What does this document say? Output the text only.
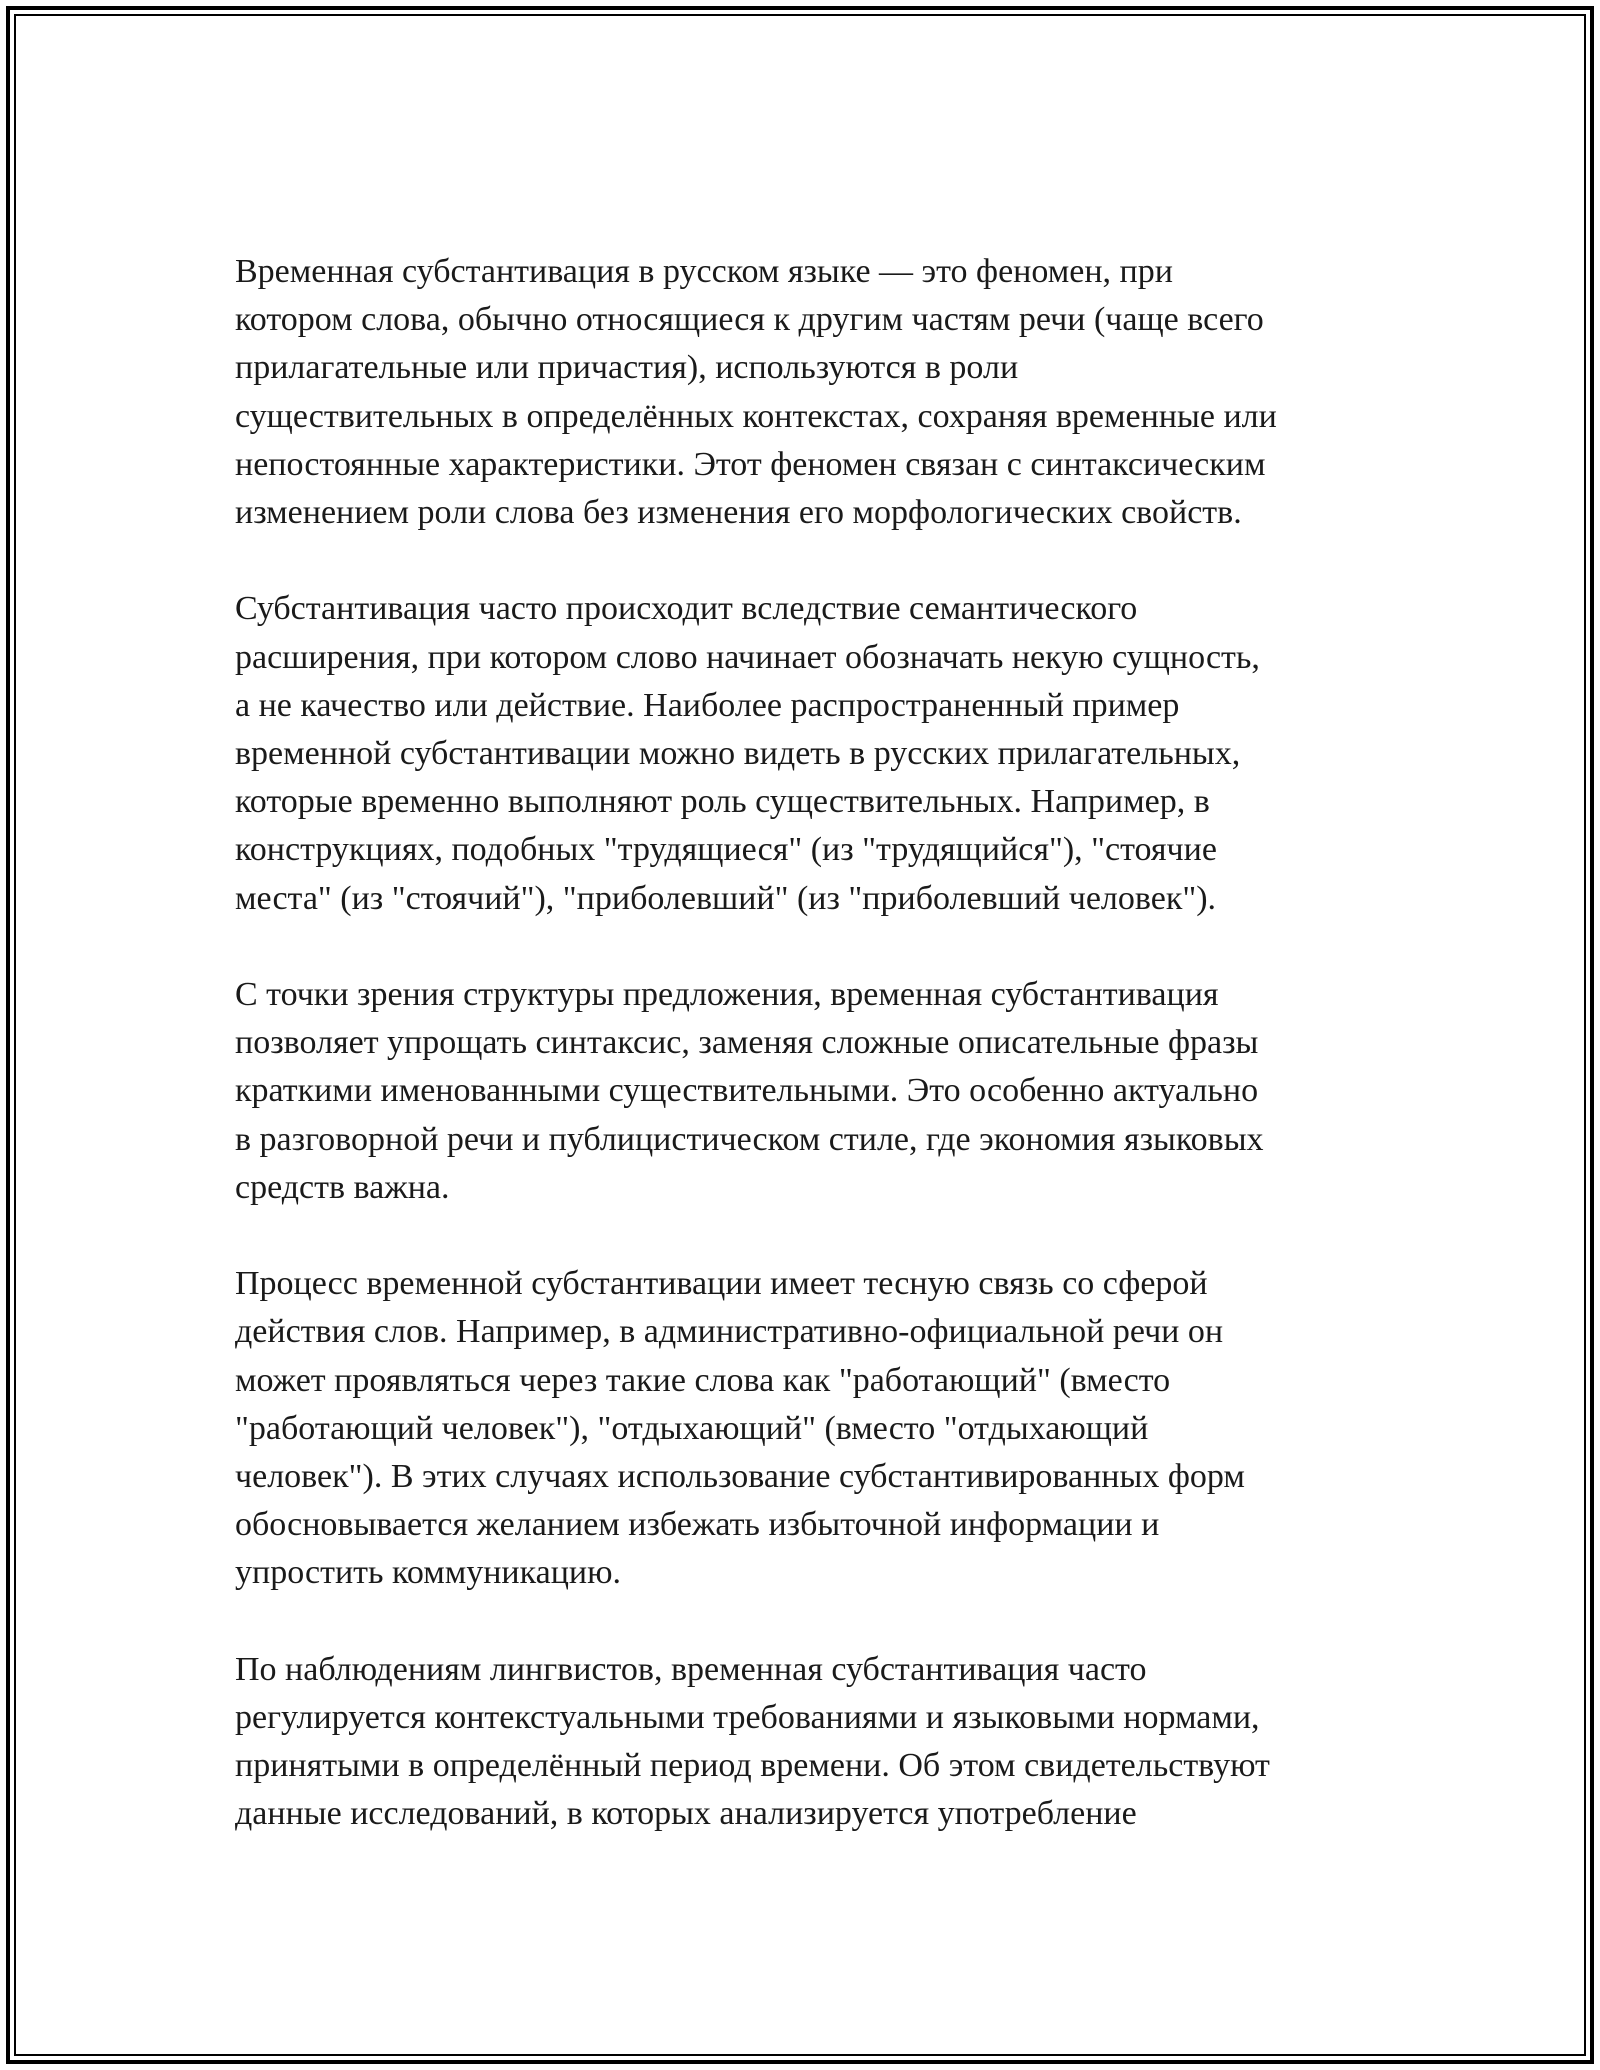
Временная субстантивация в русском языке — это феномен, при
котором слова, обычно относящиеся к другим частям речи (чаще всего
прилагательные или причастия), используются в роли
существительных в определённых контекстах, сохраняя временные или
непостоянные характеристики. Этот феномен связан с синтаксическим
изменением роли слова без изменения его морфологических свойств.

Субстантивация часто происходит вследствие семантического
расширения, при котором слово начинает обозначать некую сущность,
а не качество или действие. Наиболее распространенный пример
временной субстантивации можно видеть в русских прилагательных,
которые временно выполняют роль существительных. Например, в
конструкциях, подобных "трудящиеся" (из "трудящийся"), "стоячие
места" (из "стоячий"), "приболевший" (из "приболевший человек").

С точки зрения структуры предложения, временная субстантивация
позволяет упрощать синтаксис, заменяя сложные описательные фразы
краткими именованными существительными. Это особенно актуально
в разговорной речи и публицистическом стиле, где экономия языковых
средств важна.

Процесс временной субстантивации имеет тесную связь со сферой
действия слов. Например, в административно-официальной речи он
может проявляться через такие слова как "работающий" (вместо
"работающий человек"), "отдыхающий" (вместо "отдыхающий
человек"). В этих случаях использование субстантивированных форм
обосновывается желанием избежать избыточной информации и
упростить коммуникацию.

По наблюдениям лингвистов, временная субстантивация часто
регулируется контекстуальными требованиями и языковыми нормами,
принятыми в определённый период времени. Об этом свидетельствуют
данные исследований, в которых анализируется употребление
